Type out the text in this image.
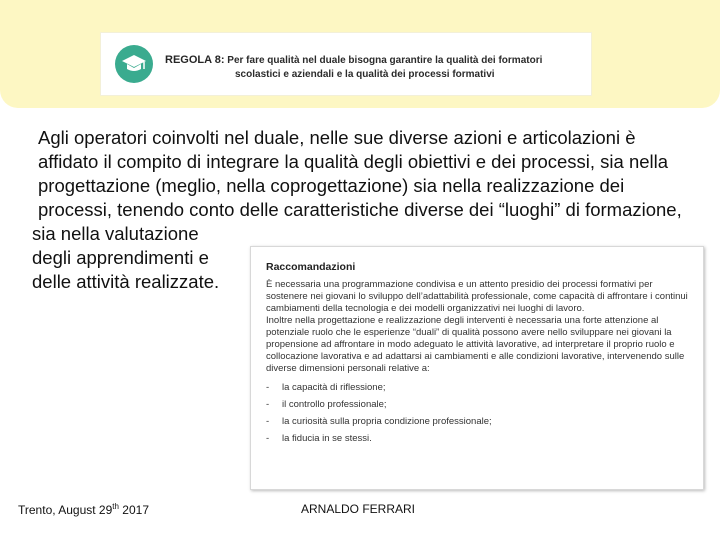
REGOLA 8: Per fare qualità nel duale bisogna garantire la qualità dei formatori
scolastici e aziendali e la qualità dei processi formativi

Agli operatori coinvolti nel duale, nelle sue diverse azioni e articolazioni è affidato il compito di integrare la qualità degli obiettivi e dei processi, sia nella progettazione (meglio, nella coprogettazione) sia nella realizzazione dei processi, tenendo conto delle caratteristiche diverse dei “luoghi” di formazione,

sia nella valutazione

degli apprendimenti e

delle attività realizzate.

Raccomandazioni

È necessaria una programmazione condivisa e un attento presidio dei processi formativi per sostenere nei giovani lo sviluppo dell’adattabilità professionale, come capacità di affrontare i continui cambiamenti della tecnologia e dei modelli organizzativi nei luoghi di lavoro.

Inoltre nella progettazione e realizzazione degli interventi è necessaria una forte attenzione al potenziale ruolo che le esperienze “duali” di qualità possono avere nello sviluppare nei giovani la propensione ad affrontare in modo adeguato le attività lavorative, ad interpretare il proprio ruolo e collocazione lavorativa e ad adattarsi ai cambiamenti e alle condizioni lavorative, intervenendo sulle diverse dimensioni personali relative a:

- la capacità di riflessione;
- il controllo professionale;
- la curiosità sulla propria condizione professionale;
- la fiducia in se stessi.
Trento, August 29th 2017	ARNALDO FERRARI
